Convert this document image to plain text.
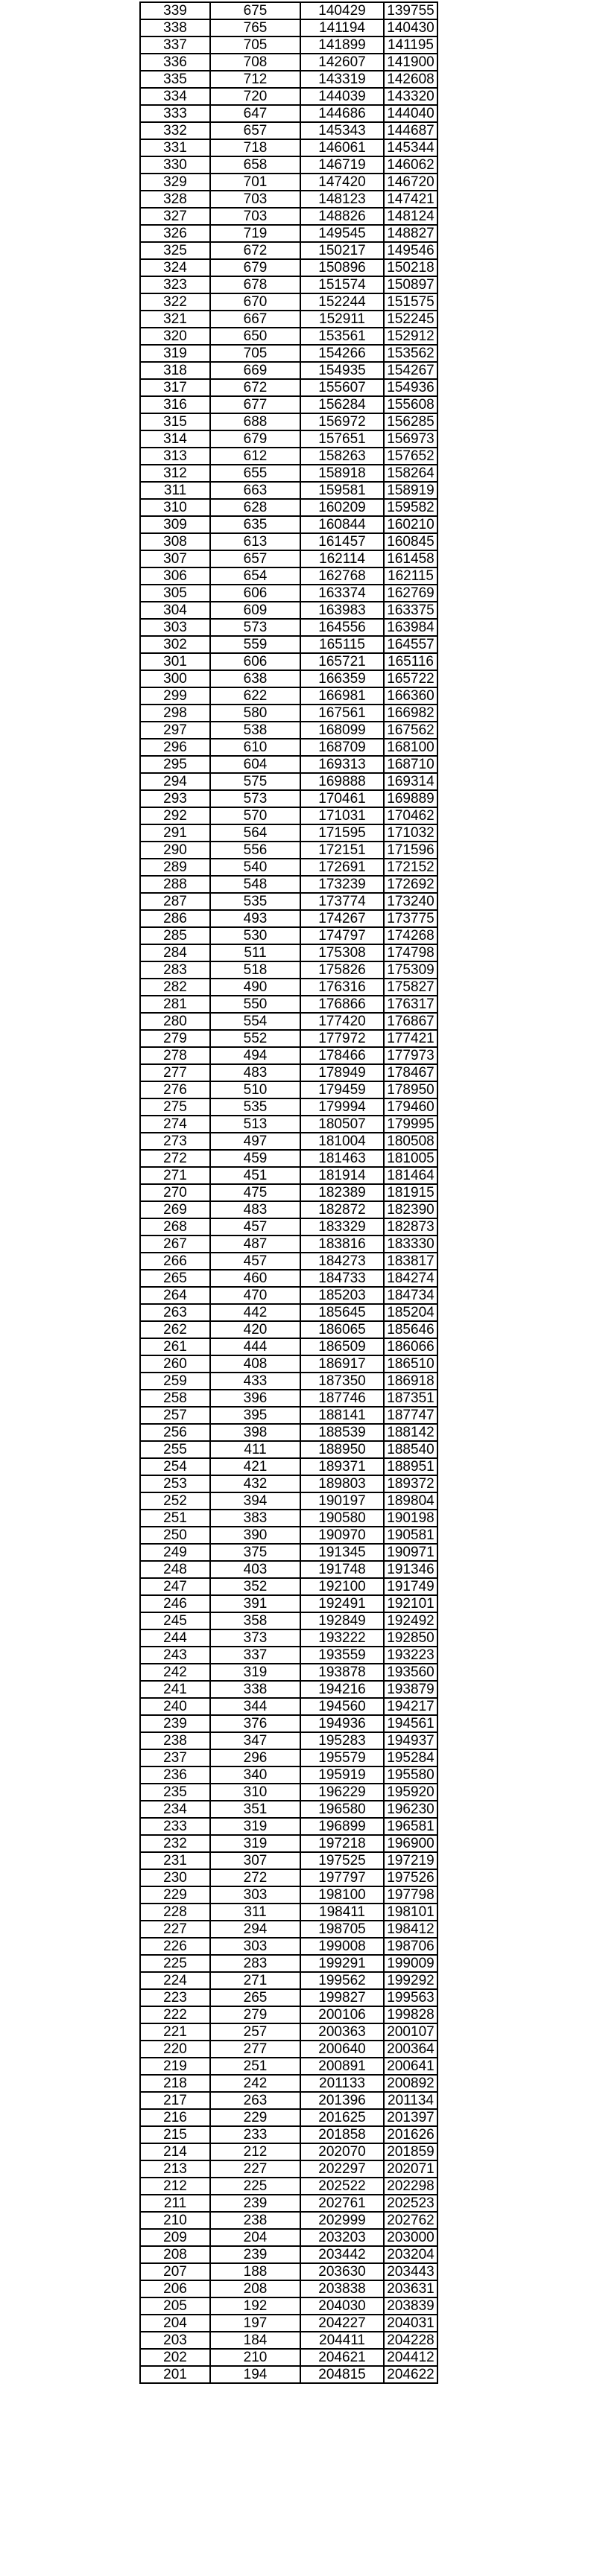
339	675	140429	139755
338	765	141194	140430
337	705	141899	141195
336	708	142607	141900
335	712	143319	142608
334	720	144039	143320
333	647	144686	144040
332	657	145343	144687
331	718	146061	145344
330	658	146719	146062
329	701	147420	146720
328	703	148123	147421
327	703	148826	148124
326	719	149545	148827
325	672	150217	149546
324	679	150896	150218
323	678	151574	150897
322	670	152244	151575
321	667	152911	152245
320	650	153561	152912
319	705	154266	153562
318	669	154935	154267
317	672	155607	154936
316	677	156284	155608
315	688	156972	156285
314	679	157651	156973
313	612	158263	157652
312	655	158918	158264
311	663	159581	158919
310	628	160209	159582
309	635	160844	160210
308	613	161457	160845
307	657	162114	161458
306	654	162768	162115
305	606	163374	162769
304	609	163983	163375
303	573	164556	163984
302	559	165115	164557
301	606	165721	165116
300	638	166359	165722
299	622	166981	166360
298	580	167561	166982
297	538	168099	167562
296	610	168709	168100
295	604	169313	168710
294	575	169888	169314
293	573	170461	169889
292	570	171031	170462
291	564	171595	171032
290	556	172151	171596
289	540	172691	172152
288	548	173239	172692
287	535	173774	173240
286	493	174267	173775
285	530	174797	174268
284	511	175308	174798
283	518	175826	175309
282	490	176316	175827
281	550	176866	176317
280	554	177420	176867
279	552	177972	177421
278	494	178466	177973
277	483	178949	178467
276	510	179459	178950
275	535	179994	179460
274	513	180507	179995
273	497	181004	180508
272	459	181463	181005
271	451	181914	181464
270	475	182389	181915
269	483	182872	182390
268	457	183329	182873
267	487	183816	183330
266	457	184273	183817
265	460	184733	184274
264	470	185203	184734
263	442	185645	185204
262	420	186065	185646
261	444	186509	186066
260	408	186917	186510
259	433	187350	186918
258	396	187746	187351
257	395	188141	187747
256	398	188539	188142
255	411	188950	188540
254	421	189371	188951
253	432	189803	189372
252	394	190197	189804
251	383	190580	190198
250	390	190970	190581
249	375	191345	190971
248	403	191748	191346
247	352	192100	191749
246	391	192491	192101
245	358	192849	192492
244	373	193222	192850
243	337	193559	193223
242	319	193878	193560
241	338	194216	193879
240	344	194560	194217
239	376	194936	194561
238	347	195283	194937
237	296	195579	195284
236	340	195919	195580
235	310	196229	195920
234	351	196580	196230
233	319	196899	196581
232	319	197218	196900
231	307	197525	197219
230	272	197797	197526
229	303	198100	197798
228	311	198411	198101
227	294	198705	198412
226	303	199008	198706
225	283	199291	199009
224	271	199562	199292
223	265	199827	199563
222	279	200106	199828
221	257	200363	200107
220	277	200640	200364
219	251	200891	200641
218	242	201133	200892
217	263	201396	201134
216	229	201625	201397
215	233	201858	201626
214	212	202070	201859
213	227	202297	202071
212	225	202522	202298
211	239	202761	202523
210	238	202999	202762
209	204	203203	203000
208	239	203442	203204
207	188	203630	203443
206	208	203838	203631
205	192	204030	203839
204	197	204227	204031
203	184	204411	204228
202	210	204621	204412
201	194	204815	204622
